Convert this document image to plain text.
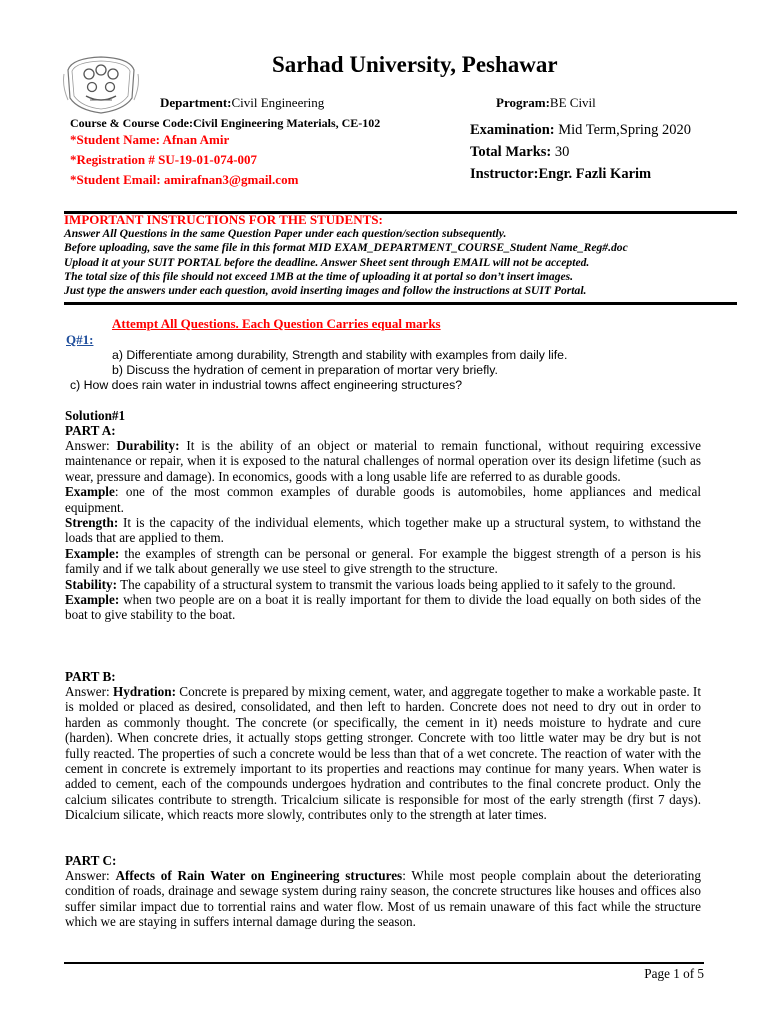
Sarhad University, Peshawar
Department:Civil Engineering	Program:BE Civil
Course & Course Code:Civil Engineering Materials, CE-102
*Student Name: Afnan Amir
*Registration # SU-19-01-074-007
*Student Email: amirafnan3@gmail.com
Examination: Mid Term,Spring 2020
Total Marks: 30
Instructor:Engr. Fazli Karim
IMPORTANT INSTRUCTIONS FOR THE STUDENTS:
Answer All Questions in the same Question Paper under each question/section subsequently.
Before uploading, save the same file in this format MID EXAM_DEPARTMENT_COURSE_Student Name_Reg#.doc
Upload it at your SUIT PORTAL before the deadline. Answer Sheet sent through EMAIL will not be accepted.
The total size of this file should not exceed 1MB at the time of uploading it at portal so don’t insert images.
Just type the answers under each question, avoid inserting images and follow the instructions at SUIT Portal.
Attempt All Questions. Each Question Carries equal marks
Q#1:
a) Differentiate among durability, Strength and stability with examples from daily life.
b) Discuss the hydration of cement in preparation of mortar very briefly.
c) How does rain water in industrial towns affect engineering structures?
Solution#1
PART A:

Answer: Durability: It is the ability of an object or material to remain functional, without requiring excessive maintenance or repair, when it is exposed to the natural challenges of normal operation over its design lifetime (such as wear, pressure and damage). In economics, goods with a long usable life are referred to as durable goods.

Example: one of the most common examples of durable goods is automobiles, home appliances and medical equipment.

Strength: It is the capacity of the individual elements, which together make up a structural system, to withstand the loads that are applied to them.

Example: the examples of strength can be personal or general. For example the biggest strength of a person is his family and if we talk about generally we use steel to give strength to the structure.

Stability: The capability of a structural system to transmit the various loads being applied to it safely to the ground.

Example: when two people are on a boat it is really important for them to divide the load equally on both sides of the boat to give stability to the boat.

PART B:

Answer: Hydration: Concrete is prepared by mixing cement, water, and aggregate together to make a workable paste. It is molded or placed as desired, consolidated, and then left to harden. Concrete does not need to dry out in order to harden as commonly thought. The concrete (or specifically, the cement in it) needs moisture to hydrate and cure (harden). When concrete dries, it actually stops getting stronger. Concrete with too little water may be dry but is not fully reacted. The properties of such a concrete would be less than that of a wet concrete. The reaction of water with the cement in concrete is extremely important to its properties and reactions may continue for many years. When water is added to cement, each of the compounds undergoes hydration and contributes to the final concrete product. Only the calcium silicates contribute to strength. Tricalcium silicate is responsible for most of the early strength (first 7 days). Dicalcium silicate, which reacts more slowly, contributes only to the strength at later times.

PART C:

Answer: Affects of Rain Water on Engineering structures: While most people complain about the deteriorating condition of roads, drainage and sewage system during rainy season, the concrete structures like houses and offices also suffer similar impact due to torrential rains and water flow. Most of us remain unaware of this fact while the structure which we are staying in suffers internal damage during the season.

Page 1 of 5
